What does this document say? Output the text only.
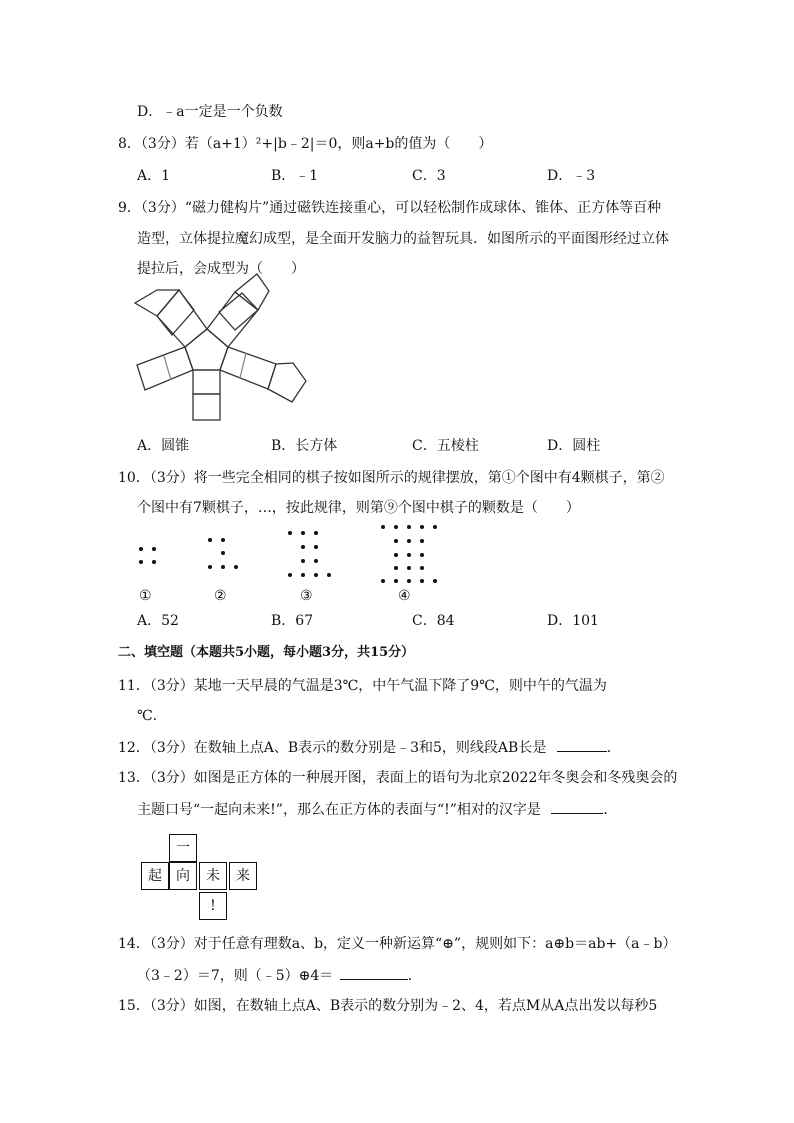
D．﹣a一定是一个负数
8．（3分）若（a+1）²+|b﹣2|＝0，则a+b的值为（　　）
A．1	B．﹣1	C．3	D．﹣3
9．（3分）“磁力健构片”通过磁铁连接重心，可以轻松制作成球体、锥体、正方体等百种
造型，立体提拉魔幻成型，是全面开发脑力的益智玩具．如图所示的平面图形经过立体
提拉后，会成型为（　　）
A．圆锥	B．长方体	C．五棱柱	D．圆柱
10．（3分）将一些完全相同的棋子按如图所示的规律摆放，第①个图中有4颗棋子，第②
个图中有7颗棋子，…，按此规律，则第⑨个图中棋子的颗数是（　　）
①	②	③	④
A．52	B．67	C．84	D．101
二、填空题（本题共5小题，每小题3分，共15分）
11．（3分）某地一天早晨的气温是3℃，中午气温下降了9℃，则中午的气温为
℃.
12．（3分）在数轴上点A、B表示的数分别是﹣3和5，则线段AB长是	．
13．（3分）如图是正方体的一种展开图，表面上的语句为北京2022年冬奥会和冬残奥会的
主题口号“一起向未来!”，那么在正方体的表面与“!”相对的汉字是	．
一
起	向	未	来
!
14．（3分）对于任意有理数a、b，定义一种新运算“⊕”，规则如下：a⊕b＝ab+（a﹣b）
（3﹣2）＝7，则（﹣5）⊕4＝	．
15．（3分）如图，在数轴上点A、B表示的数分别为﹣2、4，若点M从A点出发以每秒5
